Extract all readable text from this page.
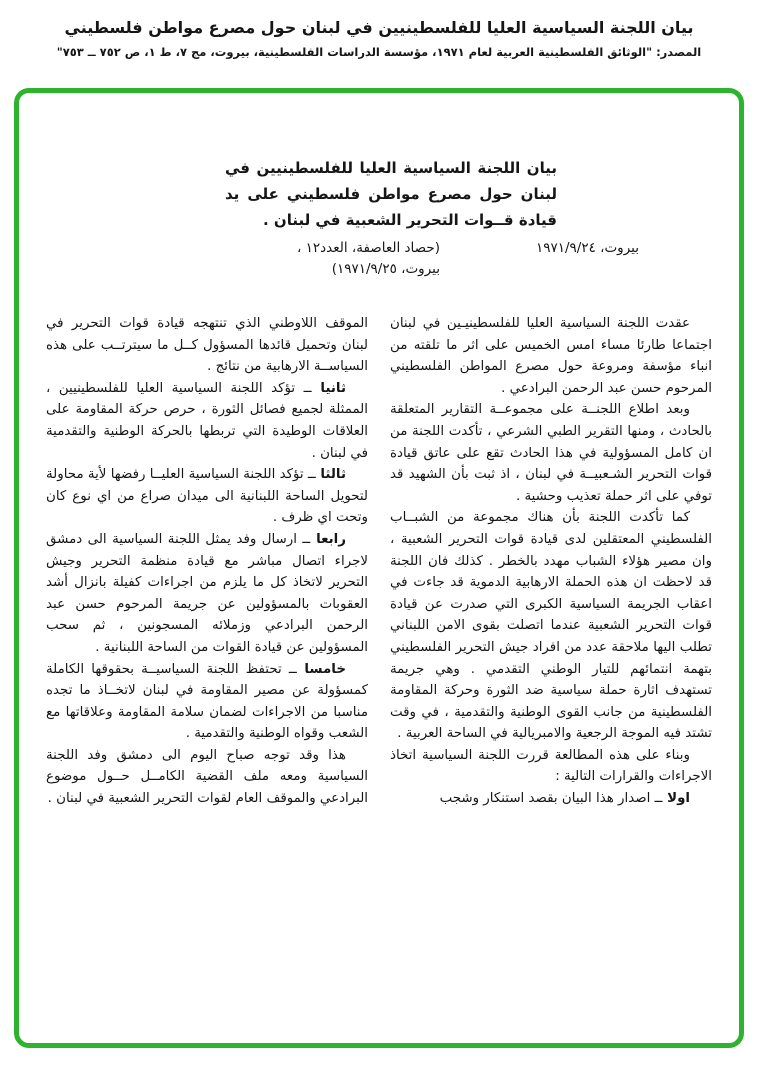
بيان اللجنة السياسية العليا للفلسطينيين في لبنان حول مصرع مواطن فلسطيني
المصدر: "الوثائق الفلسطينية العربية لعام ١٩٧١، مؤسسة الدراسات الفلسطينية، بيروت، مج ٧، ط ١، ص ٧٥٢ ــ ٧٥٣"
بيان اللجنة السياسية العليا للفلسطينيين في لبنان حول مصرع مواطن فلسطيني على يد قيادة قــوات التحرير الشعبية في لبنان .
بيروت، ١٩٧١/٩/٢٤
(حصاد العاصفة، العدد١٢ ،
بيروت، ١٩٧١/٩/٢٥)

عقدت اللجنة السياسية العليا للفلسطينيـين في لبنان اجتماعا طارئا مساء امس الخميس على اثر ما تلقته من انباء مؤسفة ومروعة حول مصرع المواطن الفلسطيني المرحوم حسن عبد الرحمن البرادعي .

وبعد اطلاع اللجنــة على مجموعــة التقارير المتعلقة بالحادث ، ومنها التقرير الطبي الشرعي ، تأكدت اللجنة من ان كامل المسؤولية في هذا الحادث تقع على عاتق قيادة قوات التحرير الشـعبيــة في لبنان ، اذ ثبت بأن الشهيد قد توفي على اثر حملة تعذيب وحشية .

كما تأكدت اللجنة بأن هناك مجموعة من الشبــاب الفلسطيني المعتقلين لدى قيادة قوات التحرير الشعبية ، وان مصير هؤلاء الشباب مهدد بالخطر . كذلك فان اللجنة قد لاحظت ان هذه الحملة الارهابية الدموية قد جاءت في اعقاب الجريمة السياسية الكبرى التي صدرت عن قيادة قوات التحرير الشعبية عندما اتصلت بقوى الامن اللبناني تطلب اليها ملاحقة عدد من افراد جيش التحرير الفلسطيني بتهمة انتمائهم للتيار الوطني التقدمي . وهي جريمة تستهدف اثارة حملة سياسية ضد الثورة وحركة المقاومة الفلسطينية من جانب القوى الوطنية والتقدمية ، في وقت تشتد فيه الموجة الرجعية والامبريالية في الساحة العربية .

وبناء على هذه المطالعة قررت اللجنة السياسية اتخاذ الاجراءات والقرارات التالية :

اولا ــ اصدار هذا البيان بقصد استنكار وشجب

الموقف اللاوطني الذي تنتهجه قيادة قوات التحرير في لبنان وتحميل قائدها المسؤول كــل ما سيترتــب على هذه السياســة الارهابية من نتائج .

ثانيا ــ تؤكد اللجنة السياسية العليا للفلسطينيين ، الممثلة لجميع فصائل الثورة ، حرص حركة المقاومة على العلاقات الوطيدة التي تربطها بالحركة الوطنية والتقدمية في لبنان .

ثالثا ــ تؤكد اللجنة السياسية العليــا رفضها لأية محاولة لتحويل الساحة اللبنانية الى ميدان صراع من اي نوع كان وتحت اي ظرف .

رابعا ــ ارسال وفد يمثل اللجنة السياسية الى دمشق لاجراء اتصال مباشر مع قيادة منظمة التحرير وجيش التحرير لاتخاذ كل ما يلزم من اجراءات كفيلة بانزال أشد العقوبات بالمسؤولين عن جريمة المرحوم حسن عبد الرحمن البرادعي وزملائه المسجونين ، ثم سحب المسؤولين عن قيادة القوات من الساحة اللبنانية .

خامسا ــ تحتفظ اللجنة السياسيــة بحقوقها الكاملة كمسؤولة عن مصير المقاومة في لبنان لاتخــاذ ما تجده مناسبا من الاجراءات لضمان سلامة المقاومة وعلاقاتها مع الشعب وقواه الوطنية والتقدمية .

هذا وقد توجه صباح اليوم الى دمشق وفد اللجنة السياسية ومعه ملف القضية الكامــل حــول موضوع البرادعي والموقف العام لقوات التحرير الشعبية في لبنان .
